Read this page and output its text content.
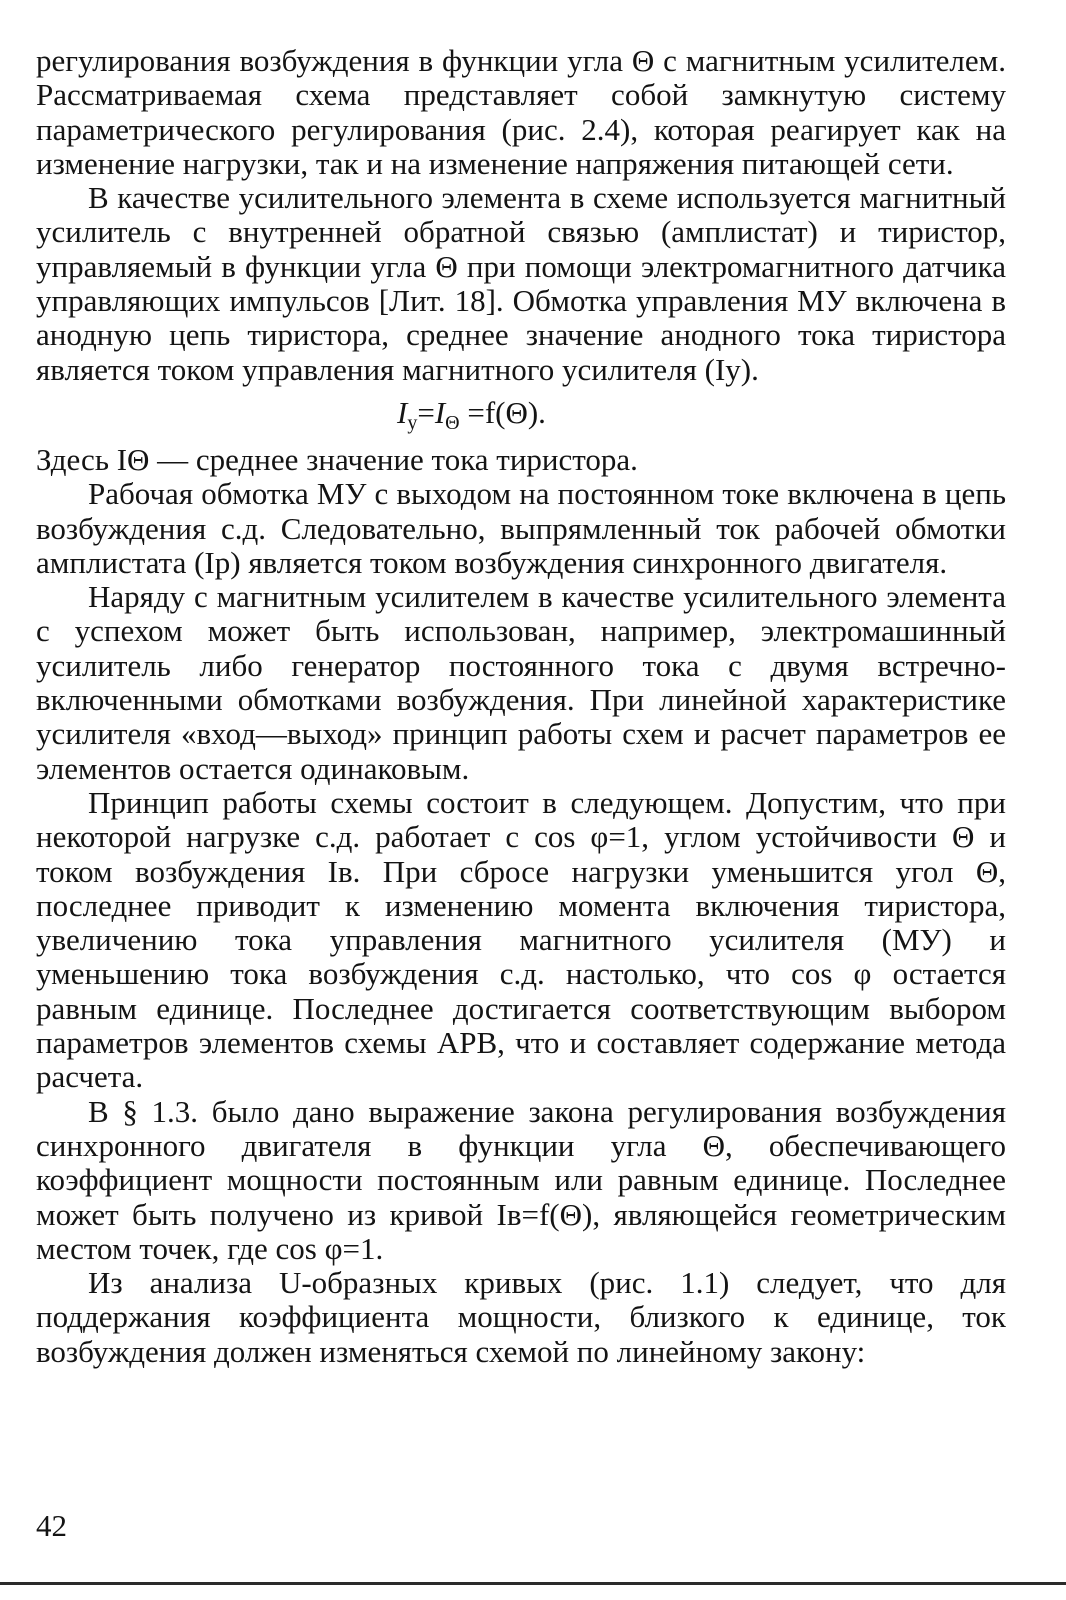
регулирования возбуждения в функции угла Θ с магнитным усилителем. Рассматриваемая схема представляет собой замкнутую систему параметрического регулирования (рис. 2.4), которая реагирует как на изменение нагрузки, так и на изменение напряжения питающей сети.

В качестве усилительного элемента в схеме используется магнитный усилитель с внутренней обратной связью (амплистат) и тиристор, управляемый в функции угла Θ при помощи электромагнитного датчика управляющих импульсов [Лит. 18]. Обмотка управления МУ включена в анодную цепь тиристора, среднее значение анодного тока тиристора является током управления магнитного усилителя (Iу).

$I_у=I_\Theta =f(\Theta)$.

Здесь IΘ — среднее значение тока тиристора.

Рабочая обмотка МУ с выходом на постоянном токе включена в цепь возбуждения с.д. Следовательно, выпрямленный ток рабочей обмотки амплистата (Iр) является током возбуждения синхронного двигателя.

Наряду с магнитным усилителем в качестве усилительного элемента с успехом может быть использован, например, электромашинный усилитель либо генератор постоянного тока с двумя встречно-включенными обмотками возбуждения. При линейной характеристике усилителя «вход—выход» принцип работы схем и расчет параметров ее элементов остается одинаковым.

Принцип работы схемы состоит в следующем. Допустим, что при некоторой нагрузке с.д. работает с cos φ=1, углом устойчивости Θ и током возбуждения Iв. При сбросе нагрузки уменьшится угол Θ, последнее приводит к изменению момента включения тиристора, увеличению тока управления магнитного усилителя (МУ) и уменьшению тока возбуждения с.д. настолько, что cos φ остается равным единице. Последнее достигается соответствующим выбором параметров элементов схемы АРВ, что и составляет содержание метода расчета.

В § 1.3. было дано выражение закона регулирования возбуждения синхронного двигателя в функции угла Θ, обеспечивающего коэффициент мощности постоянным или равным единице. Последнее может быть получено из кривой Iв=f(Θ), являющейся геометрическим местом точек, где cos φ=1.

Из анализа U-образных кривых (рис. 1.1) следует, что для поддержания коэффициента мощности, близкого к единице, ток возбуждения должен изменяться схемой по линейному закону:

42
